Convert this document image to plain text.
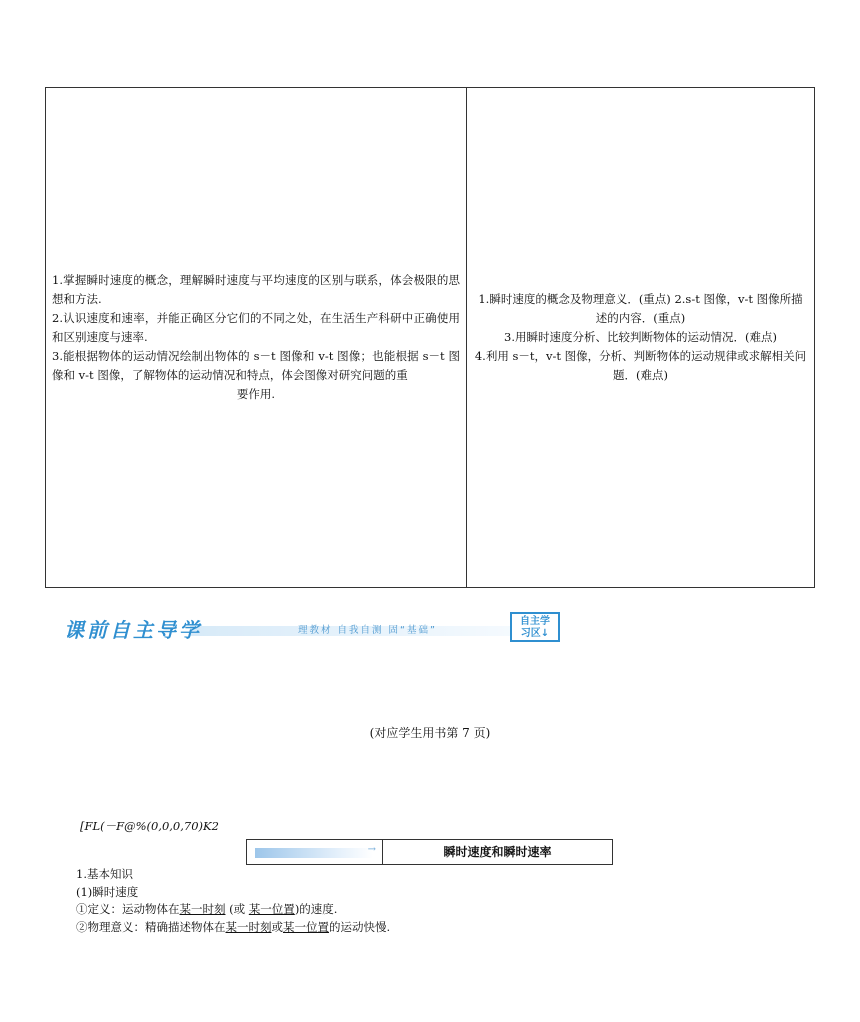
1.掌握瞬时速度的概念，理解瞬时速度与平均速度的区别与联系，体会极限的思想和方法.

2.认识速度和速率，并能正确区分它们的不同之处，在生活生产科研中正确使用和区别速度与速率.

3.能根据物体的运动情况绘制出物体的 s－t 图像和 v-t 图像；也能根据 s－t 图像和 v-t 图像，了解物体的运动情况和特点，体会图像对研究问题的重

要作用.

1.瞬时速度的概念及物理意义．(重点) 2.s-t 图像，v-t 图像所描述的内容．(重点)

3.用瞬时速度分析、比较判断物体的运动情况．(难点)

4.利用 s－t，v-t 图像，分析、判断物体的运动规律或求解相关问题．(难点)

课前自主导学	理教材 自我自测 固“基础”
自主学
习区↓
(对应学生用书第 7 页)
[FL(－F@%(0,0,0,70)K2
→	瞬时速度和瞬时速率

1.基本知识

(1)瞬时速度

①定义：运动物体在某一时刻 (或 某一位置)的速度.

②物理意义：精确描述物体在某一时刻或某一位置的运动快慢.
